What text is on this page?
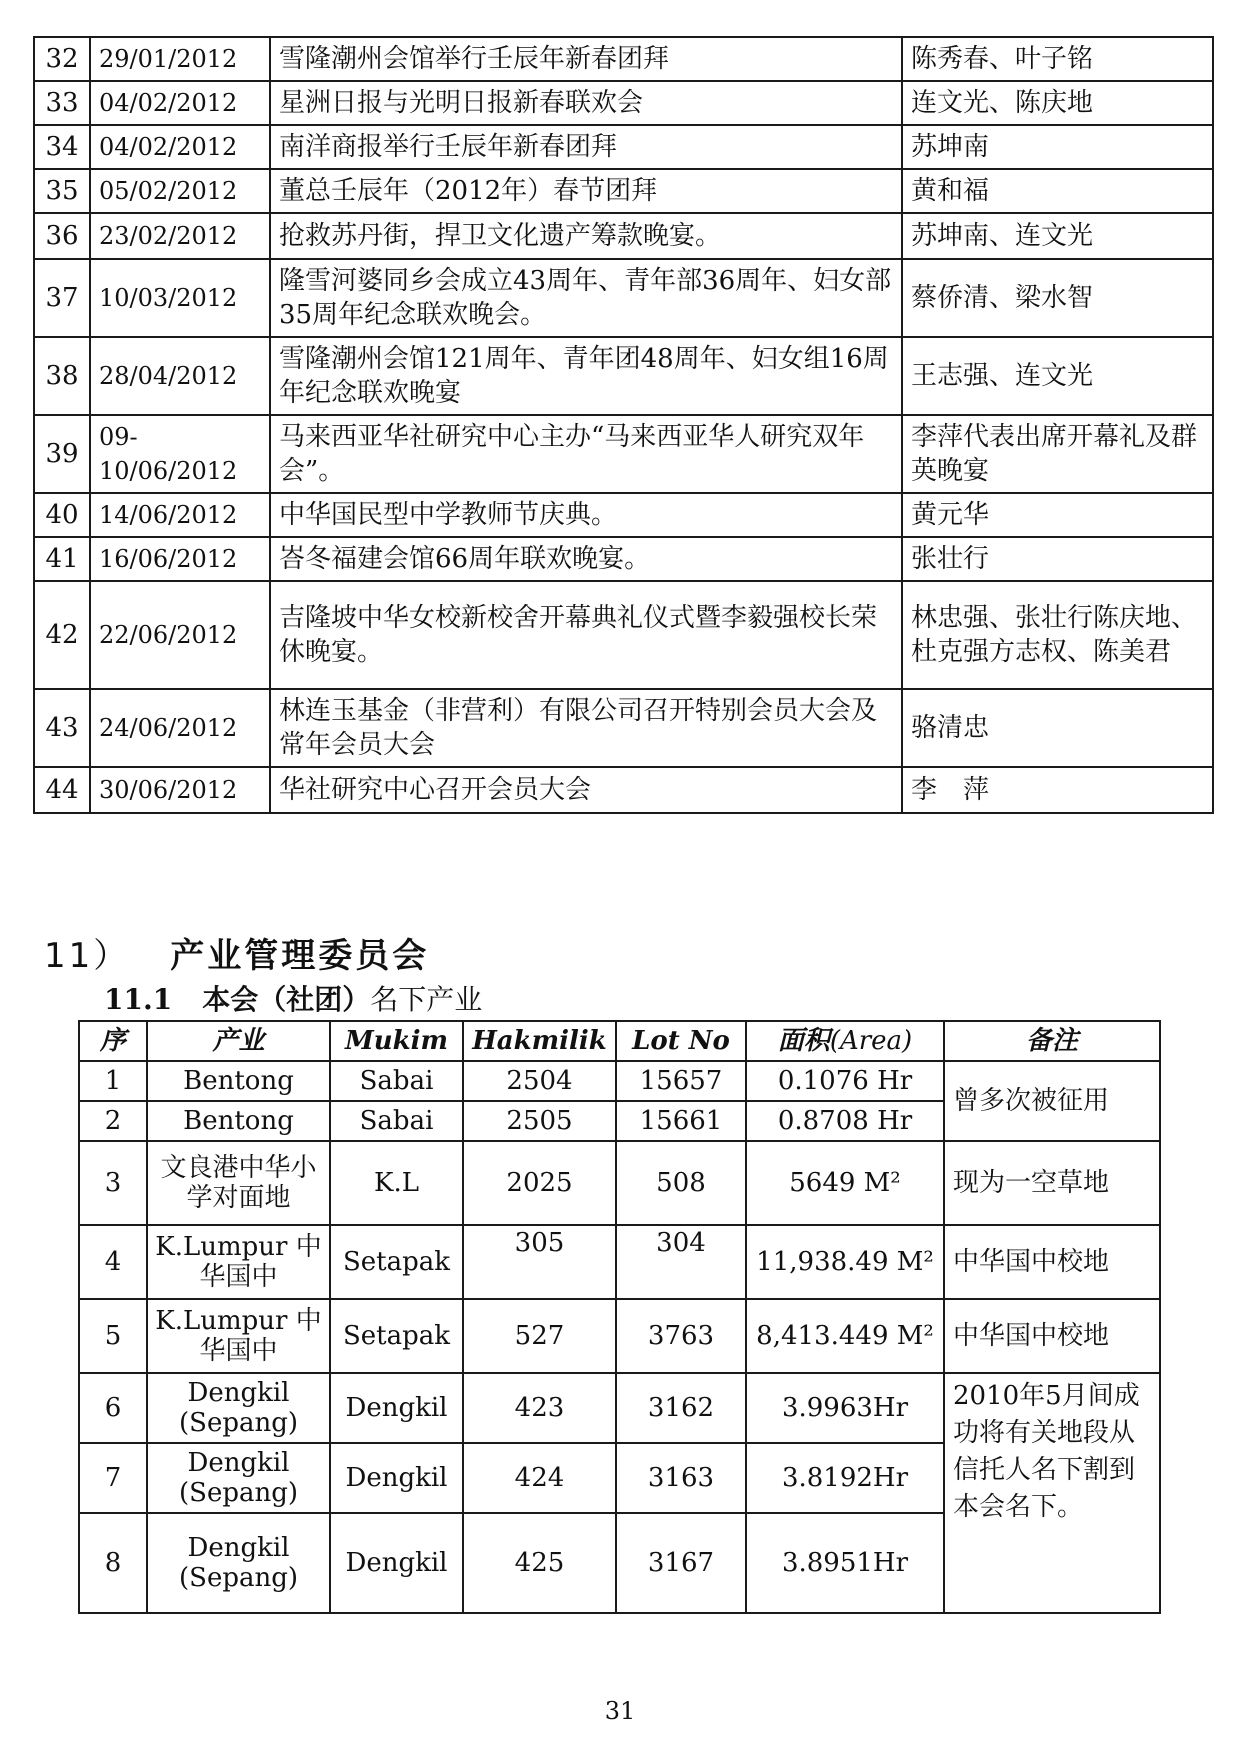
32	29/01/2012	雪隆潮州会馆举行壬辰年新春团拜	陈秀春、叶子铭
33	04/02/2012	星洲日报与光明日报新春联欢会	连文光、陈庆地
34	04/02/2012	南洋商报举行壬辰年新春团拜	苏坤南
35	05/02/2012	董总壬辰年（2012年）春节团拜	黄和福
36	23/02/2012	抢救苏丹街，捍卫文化遗产筹款晚宴。	苏坤南、连文光
37	10/03/2012	隆雪河婆同乡会成立43周年、青年部36周年、妇女部35周年纪念联欢晚会。	蔡侨清、梁水智
38	28/04/2012	雪隆潮州会馆121周年、青年团48周年、妇女组16周年纪念联欢晚宴	王志强、连文光
39	09-10/06/2012	马来西亚华社研究中心主办“马来西亚华人研究双年会”。	李萍代表出席开幕礼及群英晚宴
40	14/06/2012	中华国民型中学教师节庆典。	黄元华
41	16/06/2012	峇冬福建会馆66周年联欢晚宴。	张壮行
42	22/06/2012	吉隆坡中华女校新校舍开幕典礼仪式暨李毅强校长荣休晚宴。	林忠强、张壮行陈庆地、杜克强方志权、陈美君
43	24/06/2012	林连玉基金（非营利）有限公司召开特别会员大会及常年会员大会	骆清忠
44	30/06/2012	华社研究中心召开会员大会	李　萍
11） 产业管理委员会
11.1 本会（社团）名下产业
序	产业	Mukim	Hakmilik	Lot No	面积(Area)	备注
1	Bentong	Sabai	2504	15657	0.1076 Hr	曾多次被征用
2	Bentong	Sabai	2505	15661	0.8708 Hr	
3	文良港中华小学对面地	K.L	2025	508	5649 M²	现为一空草地
4	K.Lumpur 中华国中	Setapak	305	304	11,938.49 M²	中华国中校地
5	K.Lumpur 中华国中	Setapak	527	3763	8,413.449 M²	中华国中校地
6	Dengkil (Sepang)	Dengkil	423	3162	3.9963Hr	2010年5月间成功将有关地段从信托人名下割到本会名下。
7	Dengkil (Sepang)	Dengkil	424	3163	3.8192Hr	
8	Dengkil (Sepang)	Dengkil	425	3167	3.8951Hr	
31
